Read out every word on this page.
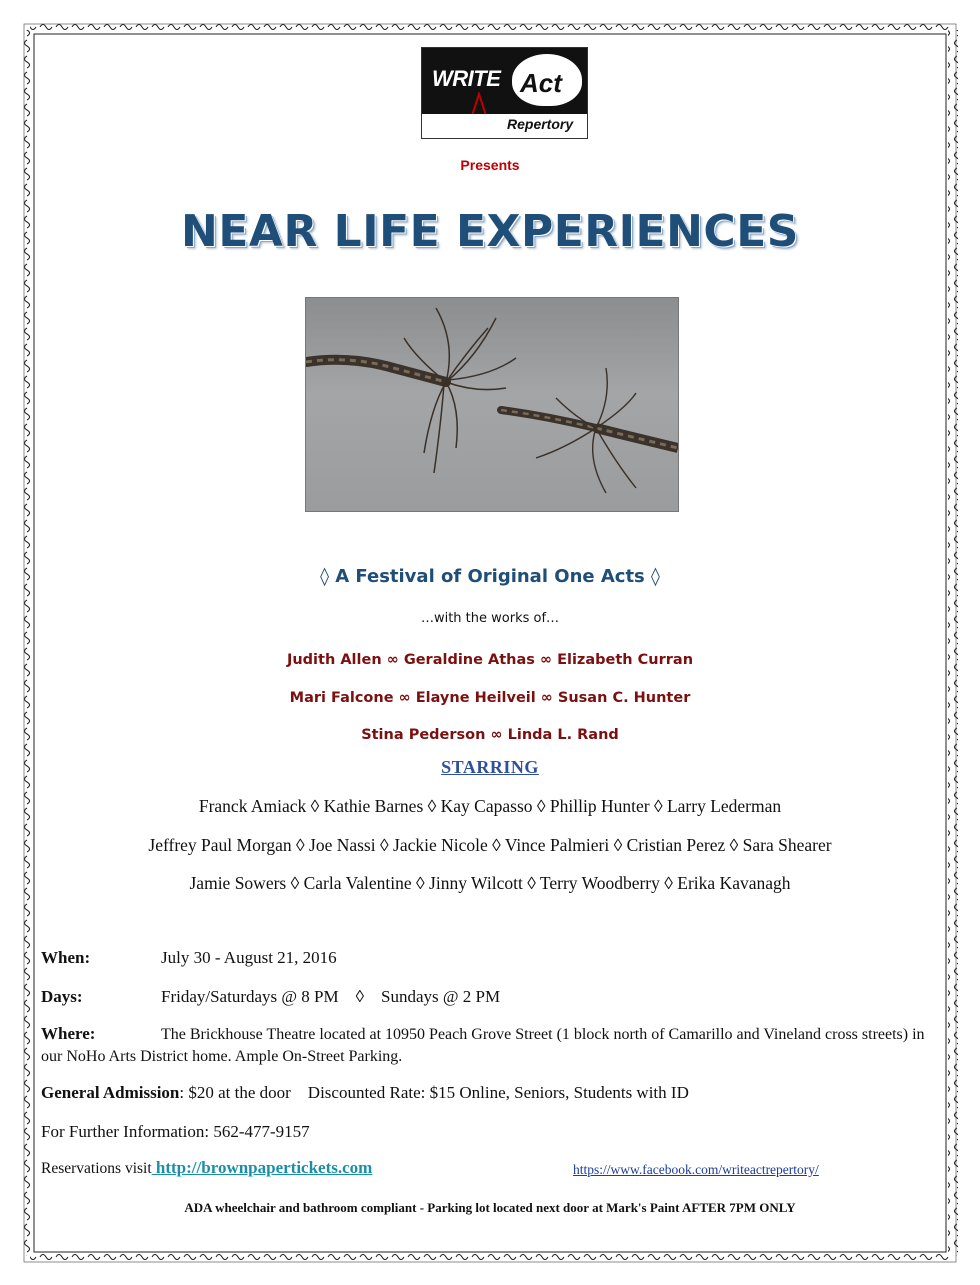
WRITE Act
Repertory
Presents
NEAR LIFE EXPERIENCES
◊ A Festival of Original One Acts ◊
…with the works of…
Judith Allen ∞ Geraldine Athas ∞ Elizabeth Curran
Mari Falcone ∞ Elayne Heilveil ∞ Susan C. Hunter
Stina Pederson ∞ Linda L. Rand
STARRING
Franck Amiack ◊ Kathie Barnes ◊ Kay Capasso ◊ Phillip Hunter ◊ Larry Lederman
Jeffrey Paul Morgan ◊ Joe Nassi ◊ Jackie Nicole ◊ Vince Palmieri ◊ Cristian Perez ◊ Sara Shearer
Jamie Sowers ◊ Carla Valentine ◊ Jinny Wilcott ◊ Terry Woodberry ◊ Erika Kavanagh
When:	July 30 - August 21, 2016
Days:	Friday/Saturdays @ 8 PM    ◊    Sundays @ 2 PM
Where:	The Brickhouse Theatre located at 10950 Peach Grove Street (1 block north of Camarillo and Vineland cross streets) in our NoHo Arts District home. Ample On-Street Parking.
General Admission: $20 at the door    Discounted Rate: $15 Online, Seniors, Students with ID
For Further Information: 562-477-9157
Reservations visit http://brownpapertickets.com	https://www.facebook.com/writeactrepertory/
ADA wheelchair and bathroom compliant - Parking lot located next door at Mark's Paint AFTER 7PM ONLY
